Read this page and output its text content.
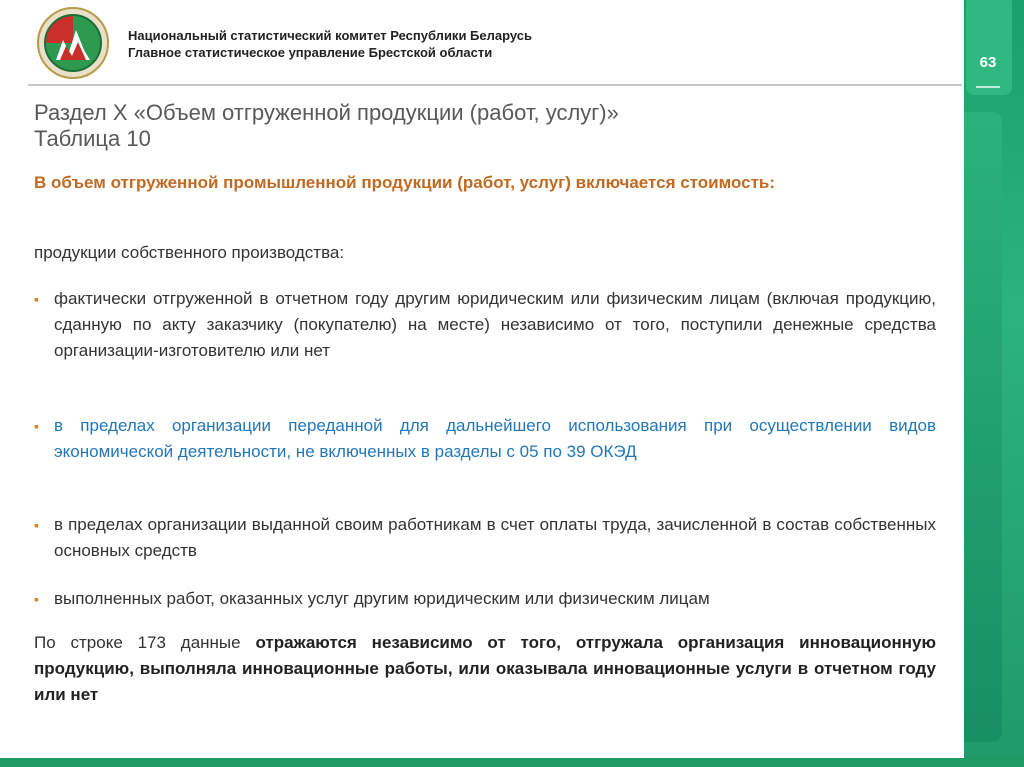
63
Национальный статистический комитет Республики Беларусь
Главное статистическое управление Брестской области
Раздел X «Объем отгруженной продукции (работ, услуг)»
Таблица 10
В объем отгруженной промышленной продукции (работ, услуг) включается стоимость:
продукции собственного производства:
▪ фактически отгруженной в отчетном году другим юридическим или физическим лицам (включая продукцию, сданную по акту заказчику (покупателю) на месте) независимо от того, поступили денежные средства организации-изготовителю или нет
▪ в пределах организации переданной для дальнейшего использования при осуществлении видов экономической деятельности, не включенных в разделы с 05 по 39 ОКЭД
▪ в пределах организации выданной своим работникам в счет оплаты труда, зачисленной в состав собственных основных средств
▪ выполненных работ, оказанных услуг другим юридическим или физическим лицам
По строке 173 данные отражаются независимо от того, отгружала организация инновационную продукцию, выполняла инновационные работы, или оказывала инновационные услуги в отчетном году или нет
